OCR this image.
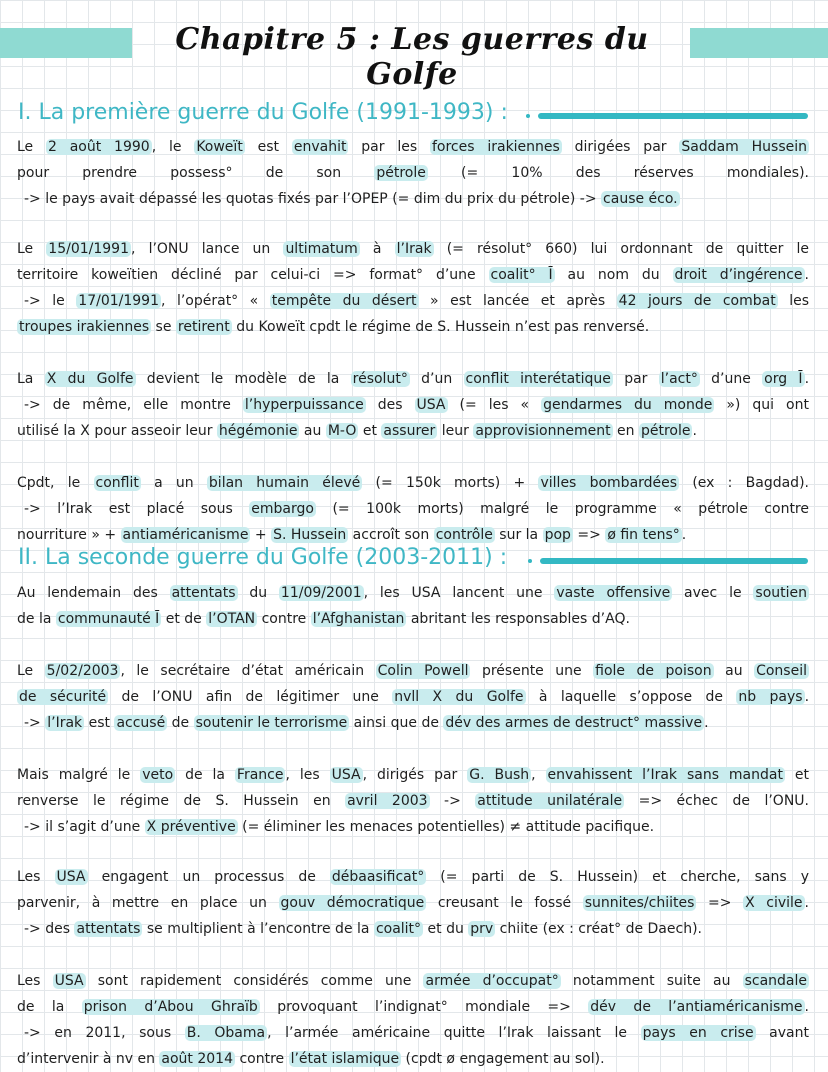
Chapitre 5 : Les guerres du Golfe
I. La première guerre du Golfe (1991-1993) :
II. La seconde guerre du Golfe (2003-2011) :
Le 2 août 1990 , le Koweït est envahit par les forces irakiennes dirigées par Saddam Hussein
pour prendre possess° de son pétrole (= 10% des réserves mondiales).
-> le pays avait dépassé les quotas fixés par l’OPEP (= dim du prix du pétrole) -> cause éco.
Le 15/01/1991 , l’ONU lance un ultimatum à l’Irak (= résolut° 660) lui ordonnant de quitter le
territoire koweïtien décliné par celui-ci => format° d’une coalit° Ī au nom du droit d’ingérence .
-> le 17/01/1991 , l’opérat° « tempête du désert » est lancée et après 42 jours de combat les
troupes irakiennes se retirent du Koweït cpdt le régime de S. Hussein n’est pas renversé.
La X du Golfe devient le modèle de la résolut° d’un conflit interétatique par l’act° d’une org Ī .
-> de même, elle montre l’hyperpuissance des USA (= les « gendarmes du monde ») qui ont
utilisé la X pour asseoir leur hégémonie au M-O et assurer leur approvisionnement en pétrole .
Cpdt, le conflit a un bilan humain élevé (= 150k morts) + villes bombardées (ex : Bagdad).
-> l’Irak est placé sous embargo (= 100k morts) malgré le programme « pétrole contre
nourriture » + antiaméricanisme + S. Hussein accroît son contrôle sur la pop => ø fin tens° .
Au lendemain des attentats du 11/09/2001 , les USA lancent une vaste offensive avec le soutien
de la communauté Ī et de l’OTAN contre l’Afghanistan abritant les responsables d’AQ.
Le 5/02/2003 , le secrétaire d’état américain Colin Powell présente une fiole de poison au Conseil
de sécurité de l’ONU afin de légitimer une nvll X du Golfe à laquelle s’oppose de nb pays .
-> l’Irak est accusé de soutenir le terrorisme ainsi que de dév des armes de destruct° massive .
Mais malgré le veto de la France , les USA , dirigés par G. Bush , envahissent l’Irak sans mandat et
renverse le régime de S. Hussein en avril 2003 -> attitude unilatérale => échec de l’ONU.
-> il s’agit d’une X préventive (= éliminer les menaces potentielles) ≠ attitude pacifique.
Les USA engagent un processus de débaasificat° (= parti de S. Hussein) et cherche, sans y
parvenir, à mettre en place un gouv démocratique creusant le fossé sunnites/chiites => X civile .
-> des attentats se multiplient à l’encontre de la coalit° et du prv chiite (ex : créat° de Daech).
Les USA sont rapidement considérés comme une armée d’occupat° notamment suite au scandale
de la prison d’Abou Ghraïb provoquant l’indignat° mondiale => dév de l’antiaméricanisme .
-> en 2011, sous B. Obama , l’armée américaine quitte l’Irak laissant le pays en crise avant
d’intervenir à nv en août 2014 contre l’état islamique (cpdt ø engagement au sol).
